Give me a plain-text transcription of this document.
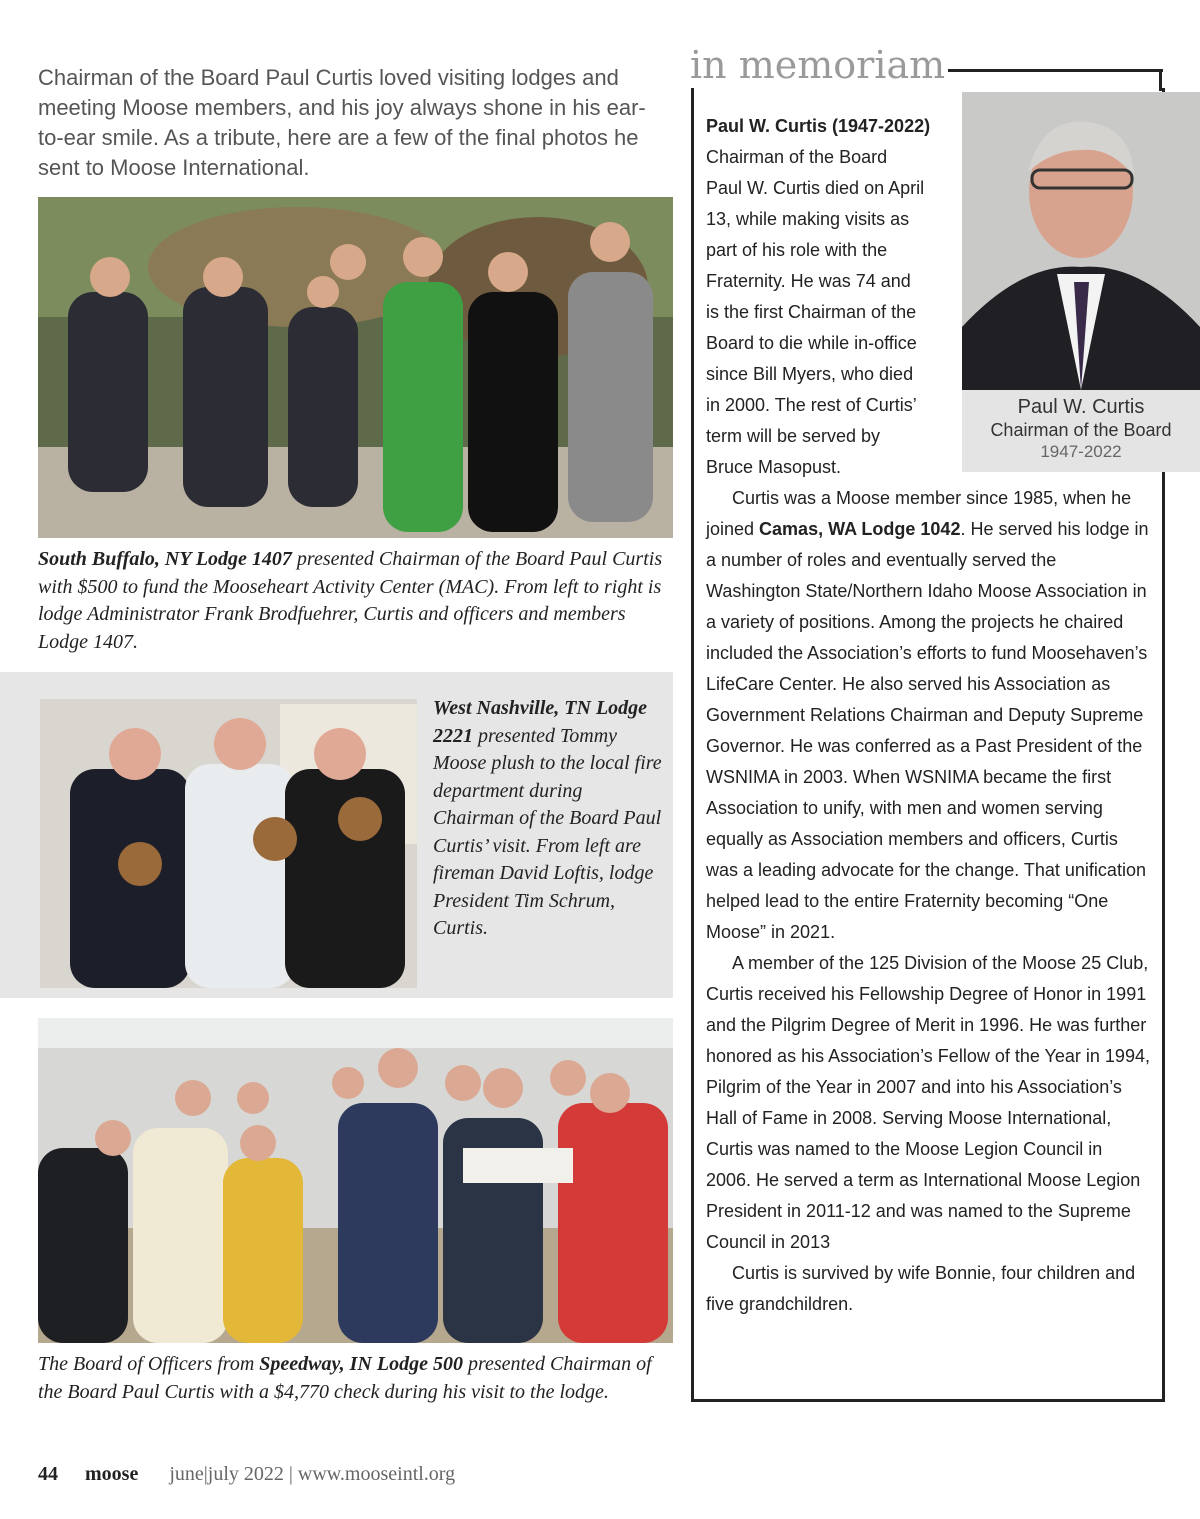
Chairman of the Board Paul Curtis loved visiting lodges and meeting Moose members, and his joy always shone in his ear-to-ear smile. As a tribute, here are a few of the final photos he sent to Moose International.
South Buffalo, NY Lodge 1407 presented Chairman of the Board Paul Curtis with $500 to fund the Mooseheart Activity Center (MAC). From left to right is lodge Administrator Frank Brodfuehrer, Curtis and officers and members Lodge 1407.
West Nashville, TN Lodge 2221 presented Tommy Moose plush to the local fire department during Chairman of the Board Paul Curtis’ visit. From left are fireman David Loftis, lodge President Tim Schrum, Curtis.
The Board of Officers from Speedway, IN Lodge 500 presented Chairman of the Board Paul Curtis with a $4,770 check during his visit to the lodge.
in memoriam
Paul W. Curtis
Chairman of the Board
1947-2022
Paul W. Curtis (1947-2022)
Chairman of the Board
Paul W. Curtis died on April
13, while making visits as
part of his role with the
Fraternity. He was 74 and
is the first Chairman of the
Board to die while in-office
since Bill Myers, who died
in 2000. The rest of Curtis’
term will be served by
Bruce Masopust.
Curtis was a Moose member since 1985, when he joined Camas, WA Lodge 1042. He served his lodge in a number of roles and eventually served the Washington State/Northern Idaho Moose Association in a variety of positions. Among the projects he chaired included the Association’s efforts to fund Moosehaven’s LifeCare Center. He also served his Association as Government Relations Chairman and Deputy Supreme Governor. He was conferred as a Past President of the WSNIMA in 2003. When WSNIMA became the first Association to unify, with men and women serving equally as Association members and officers, Curtis was a leading advocate for the change. That unification helped lead to the entire Fraternity becoming “One Moose” in 2021.
A member of the 125 Division of the Moose 25 Club, Curtis received his Fellowship Degree of Honor in 1991 and the Pilgrim Degree of Merit in 1996. He was further honored as his Association’s Fellow of the Year in 1994, Pilgrim of the Year in 2007 and into his Association’s Hall of Fame in 2008. Serving Moose International, Curtis was named to the Moose Legion Council in 2006. He served a term as International Moose Legion President in 2011-12 and was named to the Supreme Council in 2013
Curtis is survived by wife Bonnie, four children and five grandchildren.
44 moose june|july 2022 | www.mooseintl.org
